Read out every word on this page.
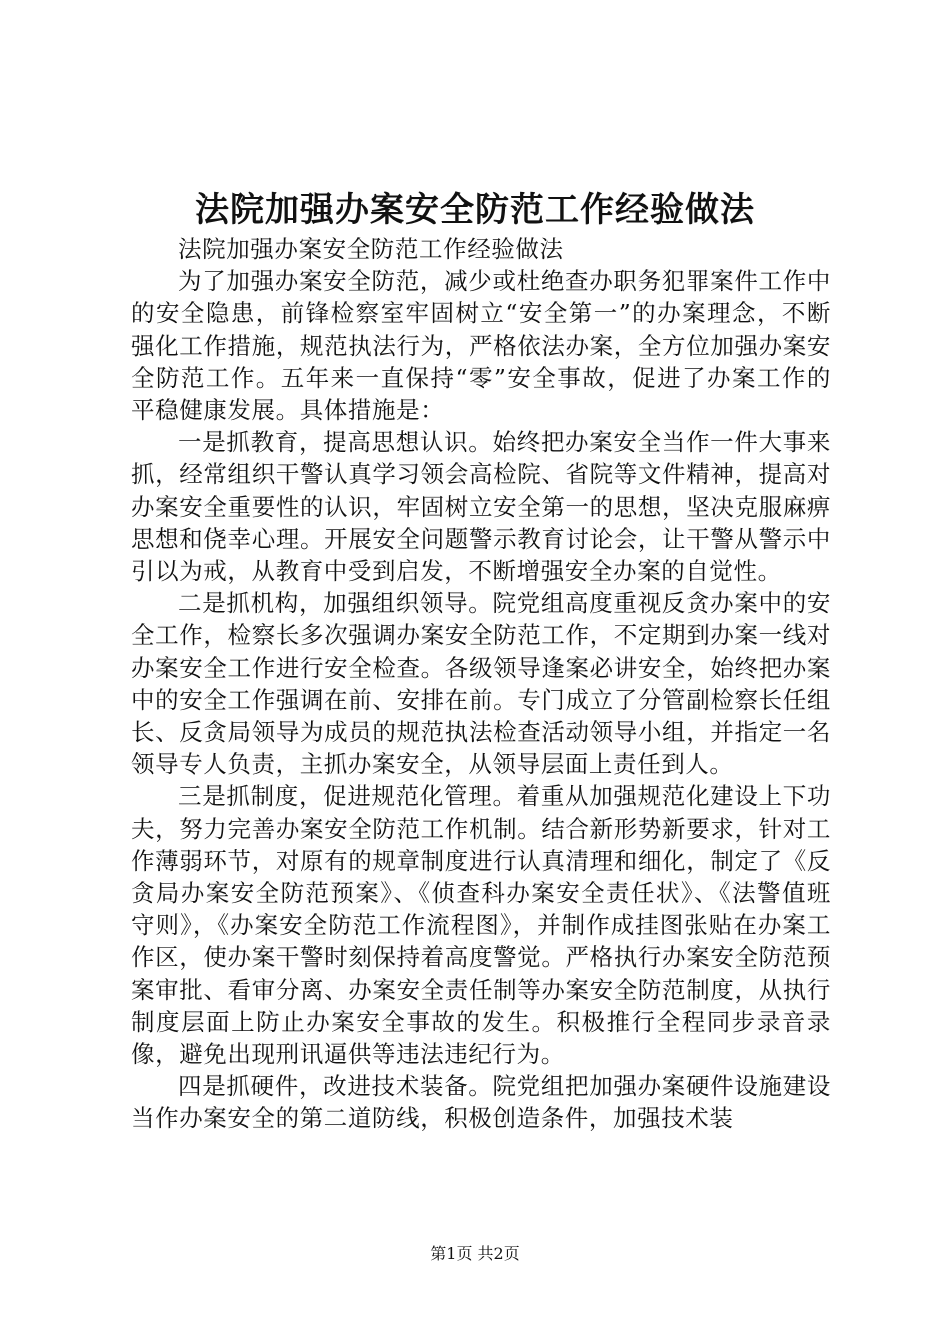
法院加强办案安全防范工作经验做法

法院加强办案安全防范工作经验做法

为了加强办案安全防范，减少或杜绝查办职务犯罪案件工作中的安全隐患，前锋检察室牢固树立“安全第一”的办案理念，不断强化工作措施，规范执法行为，严格依法办案，全方位加强办案安全防范工作。五年来一直保持“零”安全事故，促进了办案工作的平稳健康发展。具体措施是：

一是抓教育，提高思想认识。始终把办案安全当作一件大事来抓，经常组织干警认真学习领会高检院、省院等文件精神，提高对办案安全重要性的认识，牢固树立安全第一的思想，坚决克服麻痹思想和侥幸心理。开展安全问题警示教育讨论会，让干警从警示中引以为戒，从教育中受到启发，不断增强安全办案的自觉性。

二是抓机构，加强组织领导。院党组高度重视反贪办案中的安全工作，检察长多次强调办案安全防范工作，不定期到办案一线对办案安全工作进行安全检查。各级领导逢案必讲安全，始终把办案中的安全工作强调在前、安排在前。专门成立了分管副检察长任组长、反贪局领导为成员的规范执法检查活动领导小组，并指定一名领导专人负责，主抓办案安全，从领导层面上责任到人。

三是抓制度，促进规范化管理。着重从加强规范化建设上下功夫，努力完善办案安全防范工作机制。结合新形势新要求，针对工作薄弱环节，对原有的规章制度进行认真清理和细化，制定了《反贪局办案安全防范预案》、《侦查科办案安全责任状》、《法警值班守则》，《办案安全防范工作流程图》，并制作成挂图张贴在办案工作区，使办案干警时刻保持着高度警觉。严格执行办案安全防范预案审批、看审分离、办案安全责任制等办案安全防范制度，从执行制度层面上防止办案安全事故的发生。积极推行全程同步录音录像，避免出现刑讯逼供等违法违纪行为。

四是抓硬件，改进技术装备。院党组把加强办案硬件设施建设当作办案安全的第二道防线，积极创造条件，加强技术装

第1页 共2页
